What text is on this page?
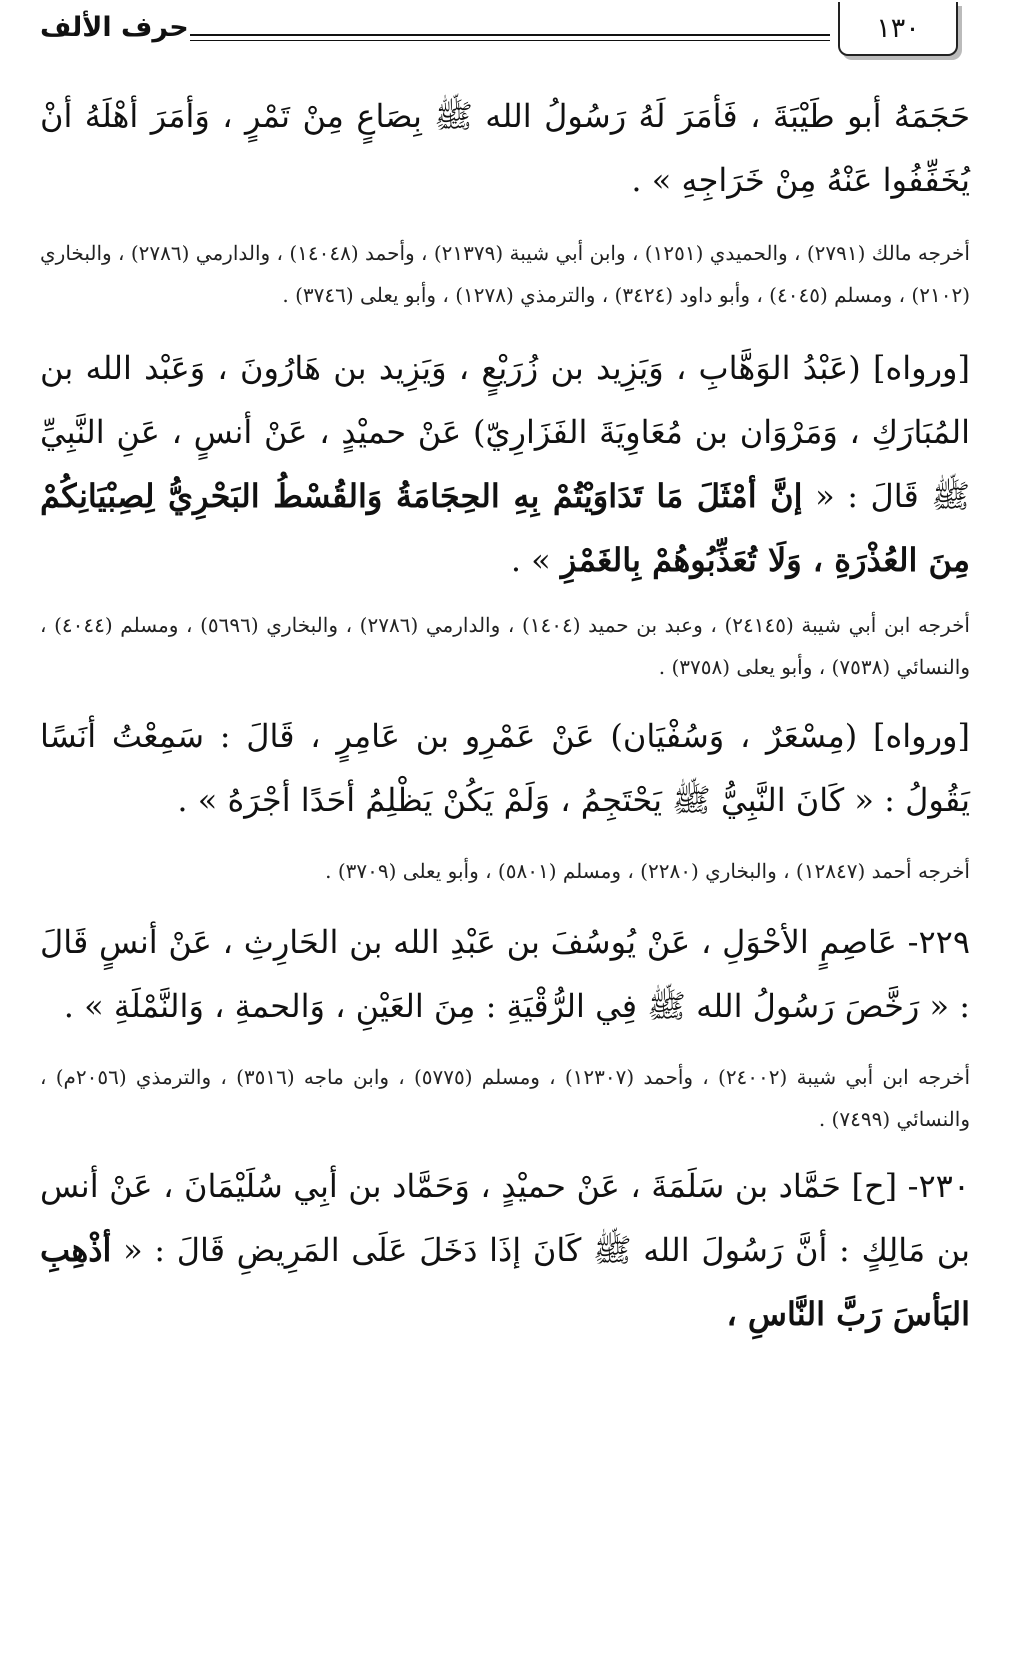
١٣٠
حرف الألف

حَجَمَهُ أبو طَيْبَةَ ، فَأمَرَ لَهُ رَسُولُ الله ﷺ بِصَاعٍ مِنْ تَمْرٍ ، وَأمَرَ أهْلَهُ أنْ يُخَفِّفُوا عَنْهُ مِنْ خَرَاجِهِ » .

أخرجه مالك (٢٧٩١) ، والحميدي (١٢٥١) ، وابن أبي شيبة (٢١٣٧٩) ، وأحمد (١٤٠٤٨) ، والدارمي (٢٧٨٦) ، والبخاري (٢١٠٢) ، ومسلم (٤٠٤٥) ، وأبو داود (٣٤٢٤) ، والترمذي (١٢٧٨) ، وأبو يعلى (٣٧٤٦) .

[ورواه] (عَبْدُ الوَهَّابِ ، وَيَزِيد بن زُرَيْعٍ ، وَيَزِيد بن هَارُونَ ، وَعَبْد الله بن المُبَارَكِ ، وَمَرْوَان بن مُعَاوِيَةَ الفَزَارِيّ) عَنْ حميْدٍ ، عَنْ أنسٍ ، عَنِ النَّبِيِّ ﷺ قَالَ : « إنَّ أمْثَلَ مَا تَدَاوَيْتُمْ بِهِ الحِجَامَةُ وَالقُسْطُ البَحْرِيُّ لِصِبْيَانِكُمْ مِنَ العُذْرَةِ ، وَلَا تُعَذِّبُوهُمْ بِالغَمْزِ » .

أخرجه ابن أبي شيبة (٢٤١٤٥) ، وعبد بن حميد (١٤٠٤) ، والدارمي (٢٧٨٦) ، والبخاري (٥٦٩٦) ، ومسلم (٤٠٤٤) ، والنسائي (٧٥٣٨) ، وأبو يعلى (٣٧٥٨) .

[ورواه] (مِسْعَرٌ ، وَسُفْيَان) عَنْ عَمْرِو بن عَامِرٍ ، قَالَ : سَمِعْتُ أنَسًا يَقُولُ : « كَانَ النَّبِيُّ ﷺ يَحْتَجِمُ ، وَلَمْ يَكُنْ يَظْلِمُ أحَدًا أجْرَهُ » .

أخرجه أحمد (١٢٨٤٧) ، والبخاري (٢٢٨٠) ، ومسلم (٥٨٠١) ، وأبو يعلى (٣٧٠٩) .

٢٢٩- عَاصِمٍ الأحْوَلِ ، عَنْ يُوسُفَ بن عَبْدِ الله بن الحَارِثِ ، عَنْ أنسٍ قَالَ : « رَخَّصَ رَسُولُ الله ﷺ فِي الرُّقْيَةِ : مِنَ العَيْنِ ، وَالحمةِ ، وَالنَّمْلَةِ » .

أخرجه ابن أبي شيبة (٢٤٠٠٢) ، وأحمد (١٢٣٠٧) ، ومسلم (٥٧٧٥) ، وابن ماجه (٣٥١٦) ، والترمذي (٢٠٥٦م) ، والنسائي (٧٤٩٩) .

٢٣٠- [ح] حَمَّاد بن سَلَمَةَ ، عَنْ حميْدٍ ، وَحَمَّاد بن أبِي سُلَيْمَانَ ، عَنْ أنس بن مَالِكٍ : أنَّ رَسُولَ الله ﷺ كَانَ إذَا دَخَلَ عَلَى المَرِيضِ قَالَ : « أذْهِبِ البَأسَ رَبَّ النَّاسِ ،
